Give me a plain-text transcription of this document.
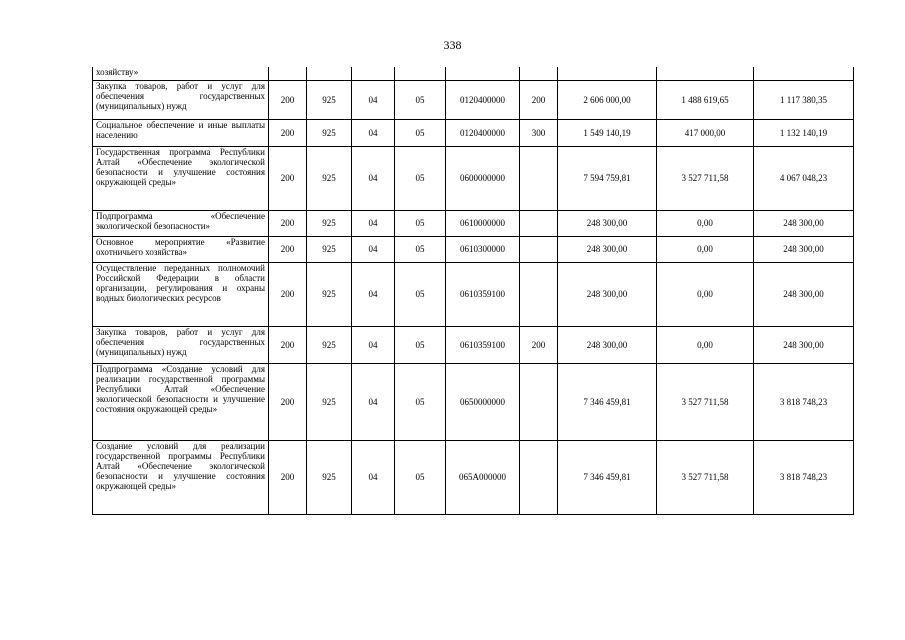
338
хозяйству»									
Закупка товаров, работ и услуг для обеспечения государственных (муниципальных) нужд	200	925	04	05	0120400000	200	2 606 000,00	1 488 619,65	1 117 380,35
Социальное обеспечение и иные выплаты населению	200	925	04	05	0120400000	300	1 549 140,19	417 000,00	1 132 140,19
Государственная программа Республики Алтай «Обеспечение экологической безопасности и улучшение состояния окружающей среды»	200	925	04	05	0600000000		7 594 759,81	3 527 711,58	4 067 048,23
Подпрограмма «Обеспечение экологической безопасности»	200	925	04	05	0610000000		248 300,00	0,00	248 300,00
Основное мероприятие «Развитие охотничьего хозяйства»	200	925	04	05	0610300000		248 300,00	0,00	248 300,00
Осуществление переданных полномочий Российской Федерации в области организации, регулирования и охраны водных биологических ресурсов	200	925	04	05	0610359100		248 300,00	0,00	248 300,00
Закупка товаров, работ и услуг для обеспечения государственных (муниципальных) нужд	200	925	04	05	0610359100	200	248 300,00	0,00	248 300,00
Подпрограмма «Создание условий для реализации государственной программы Республики Алтай «Обеспечение экологической безопасности и улучшение состояния окружающей среды»	200	925	04	05	0650000000		7 346 459,81	3 527 711,58	3 818 748,23
Создание условий для реализации государственной программы Республики Алтай «Обеспечение экологической безопасности и улучшение состояния окружающей среды»	200	925	04	05	065А000000		7 346 459,81	3 527 711,58	3 818 748,23
